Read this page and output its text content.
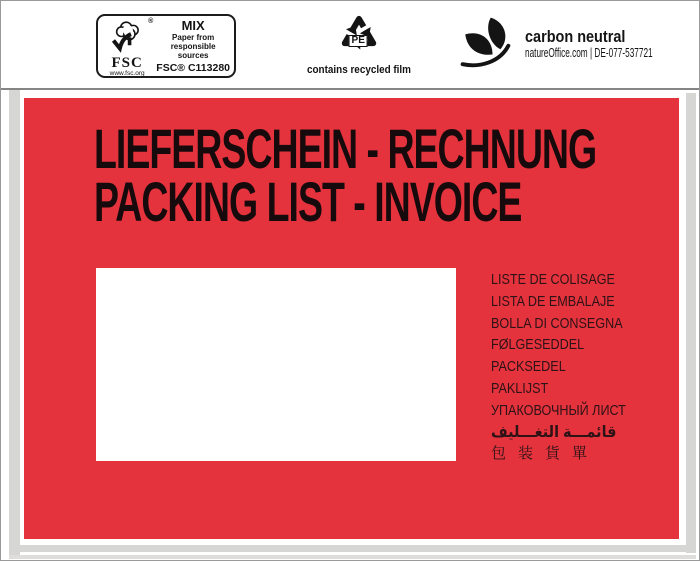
®
FSC
www.fsc.org
MIX
Paper from
responsible sources
FSC® C113280
PE
contains recycled film
carbon neutral
natureOffice.com | DE-077-537721
LIEFERSCHEIN - RECHNUNG
PACKING LIST - INVOICE
LISTE DE COLISAGE
LISTA DE EMBALAJE
BOLLA DI CONSEGNA
FØLGESEDDEL
PACKSEDEL
PAKLIJST
УПАКОВОЧНЫЙ ЛИСТ
قائمـــة التغـــليف
包装貨單
